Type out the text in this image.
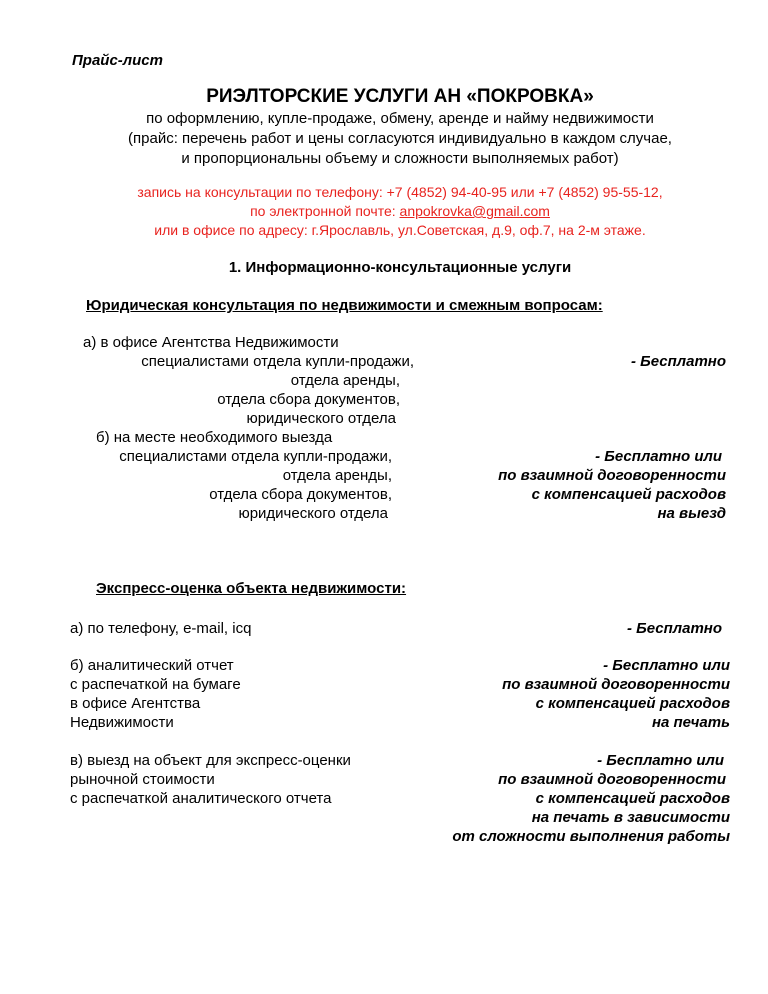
Прайс-лист
РИЭЛТОРСКИЕ УСЛУГИ АН «ПОКРОВКА»
по оформлению, купле-продаже, обмену, аренде и найму недвижимости
(прайс: перечень работ и цены согласуются индивидуально в каждом случае,
и пропорциональны объему и сложности выполняемых работ)
запись на консультации по телефону: +7 (4852) 94-40-95 или +7 (4852) 95-55-12,
по электронной почте: anpokrovka@gmail.com
или в офисе по адресу: г.Ярославль, ул.Советская, д.9, оф.7, на 2-м этаже.
1. Информационно-консультационные услуги
Юридическая консультация по недвижимости и смежным вопросам:
а) в офисе Агентства Недвижимости
специалистами отдела купли-продажи,
отдела аренды,
отдела сбора документов,
юридического отдела
- Бесплатно
б) на месте необходимого выезда
специалистами отдела купли-продажи,
отдела аренды,
отдела сбора документов,
юридического отдела
- Бесплатно или
по взаимной договоренности
с компенсацией расходов
на выезд
Экспресс-оценка объекта недвижимости:
а) по телефону, e-mail, icq	- Бесплатно
б) аналитический отчет
с распечаткой на бумаге
в офисе Агентства
Недвижимости
- Бесплатно или
по взаимной договоренности
с компенсацией расходов
на печать
в) выезд на объект для экспресс-оценки
рыночной стоимости
с распечаткой аналитического отчета
- Бесплатно или
по взаимной договоренности
с компенсацией расходов
на печать в зависимости
от сложности выполнения работы
